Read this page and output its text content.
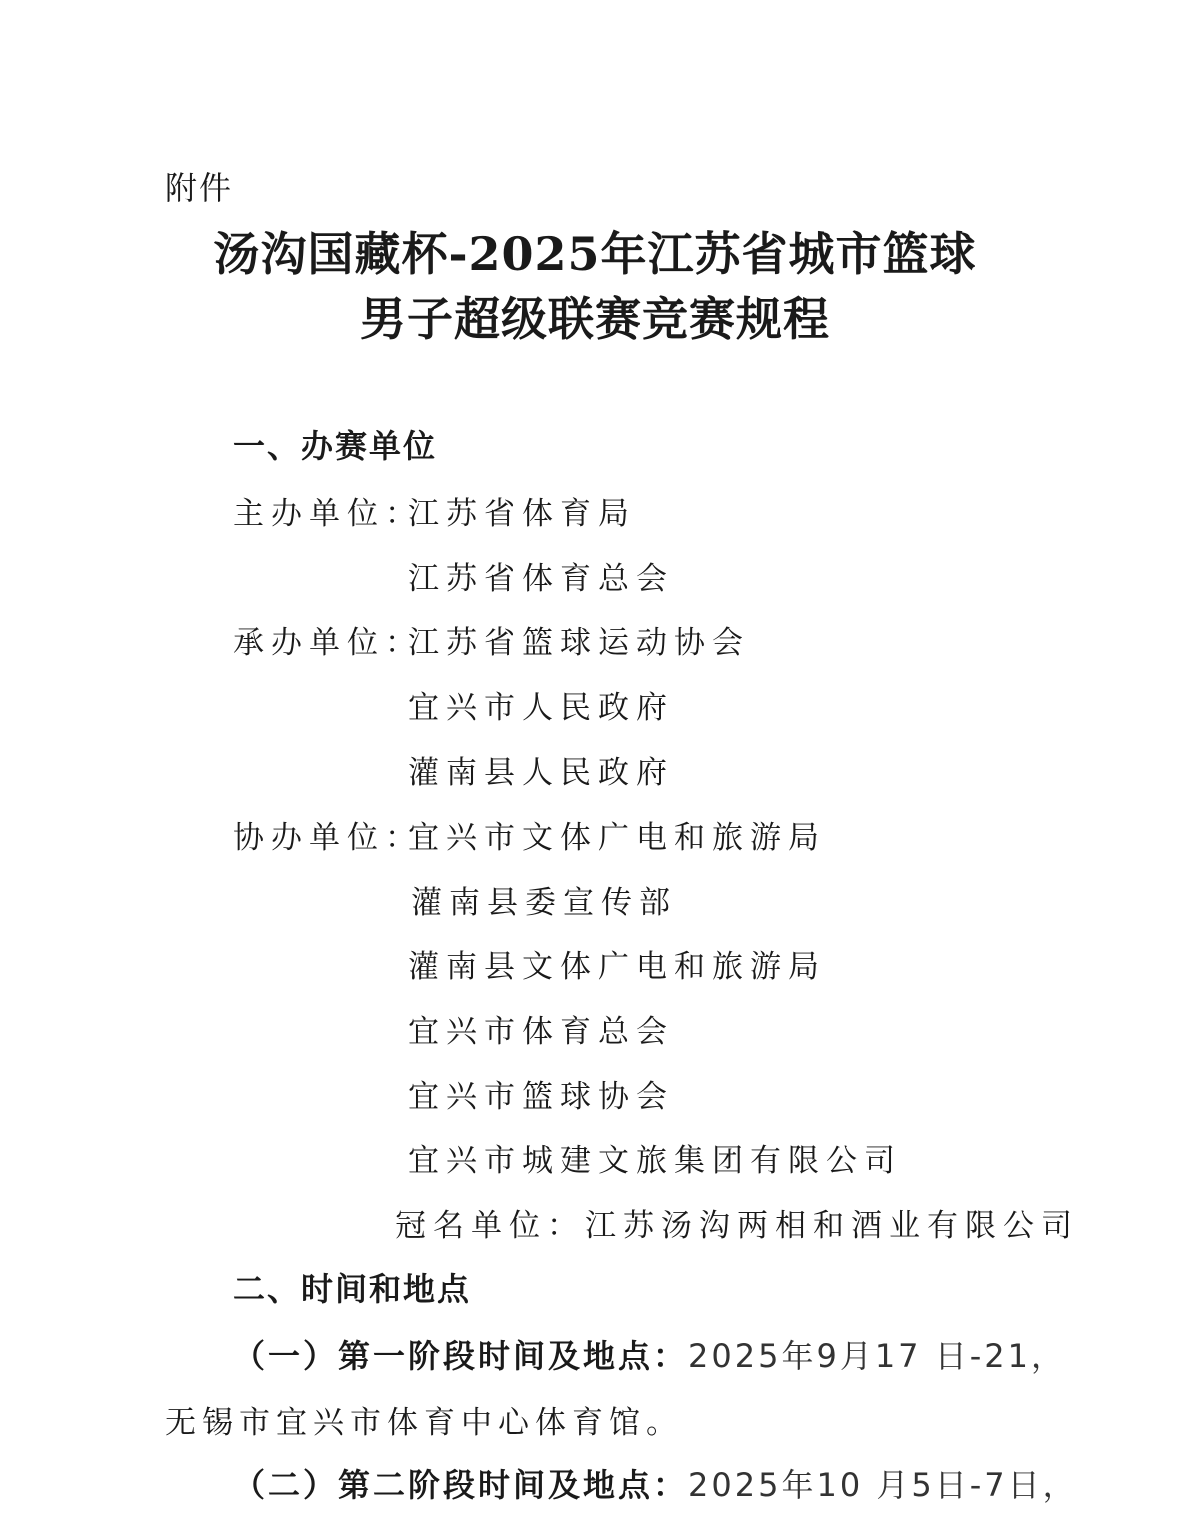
附件
汤沟国藏杯-2025年江苏省城市篮球
男子超级联赛竞赛规程
一、办赛单位
主办单位：
江苏省体育局
江苏省体育总会
承办单位：
江苏省篮球运动协会
宜兴市人民政府
灌南县人民政府
协办单位：
宜兴市文体广电和旅游局
灌南县委宣传部
灌南县文体广电和旅游局
宜兴市体育总会
宜兴市篮球协会
宜兴市城建文旅集团有限公司
冠名单位：江苏汤沟两相和酒业有限公司
二、时间和地点
（一）第一阶段时间及地点：2025年9月17 日-21，
无锡市宜兴市体育中心体育馆。
（二）第二阶段时间及地点：2025年10 月5日-7日，
